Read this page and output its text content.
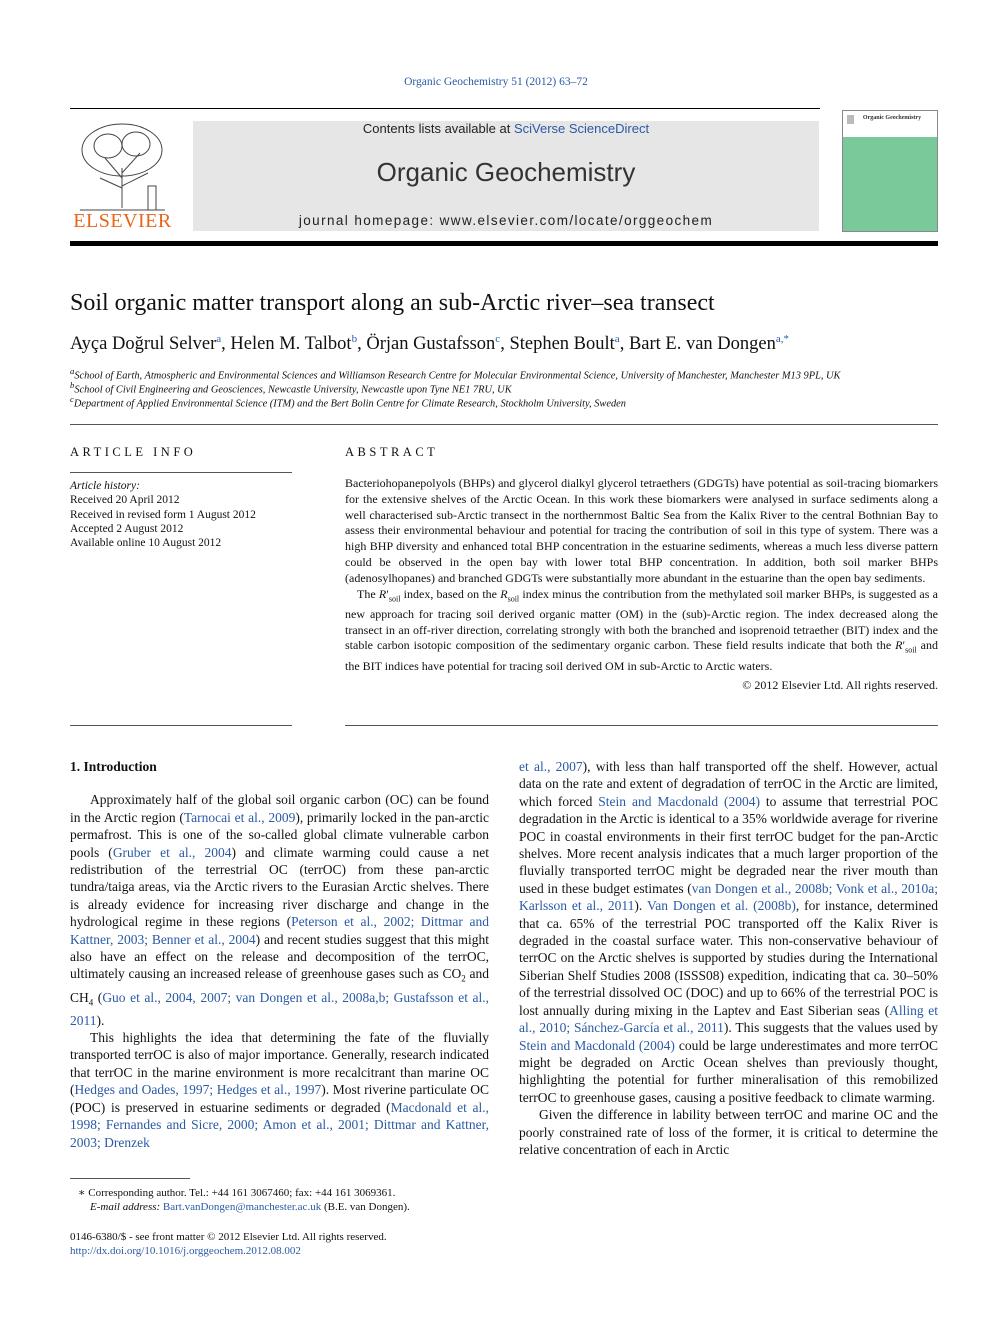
Organic Geochemistry 51 (2012) 63–72
ELSEVIER
Contents lists available at SciVerse ScienceDirect
Organic Geochemistry
journal homepage: www.elsevier.com/locate/orggeochem
Organic Geochemistry
Soil organic matter transport along an sub-Arctic river–sea transect
Ayça Doğrul Selver$^a$, Helen M. Talbot$^b$, Örjan Gustafsson$^c$, Stephen Boult$^a$, Bart E. van Dongen$^{a,*}$
$^a$School of Earth, Atmospheric and Environmental Sciences and Williamson Research Centre for Molecular Environmental Science, University of Manchester, Manchester M13 9PL, UK
$^b$School of Civil Engineering and Geosciences, Newcastle University, Newcastle upon Tyne NE1 7RU, UK
$^c$Department of Applied Environmental Science (ITM) and the Bert Bolin Centre for Climate Research, Stockholm University, Sweden
ARTICLE INFO
Article history:
Received 20 April 2012
Received in revised form 1 August 2012
Accepted 2 August 2012
Available online 10 August 2012
ABSTRACT

Bacteriohopanepolyols (BHPs) and glycerol dialkyl glycerol tetraethers (GDGTs) have potential as soil-tracing biomarkers for the extensive shelves of the Arctic Ocean. In this work these biomarkers were analysed in surface sediments along a well characterised sub-Arctic transect in the northernmost Baltic Sea from the Kalix River to the central Bothnian Bay to assess their environmental behaviour and potential for tracing the contribution of soil in this type of system. There was a high BHP diversity and enhanced total BHP concentration in the estuarine sediments, whereas a much less diverse pattern could be observed in the open bay with lower total BHP concentration. In addition, both soil marker BHPs (adenosylhopanes) and branched GDGTs were substantially more abundant in the estuarine than the open bay sediments.

The $R'_{soil}$ index, based on the $R_{soil}$ index minus the contribution from the methylated soil marker BHPs, is suggested as a new approach for tracing soil derived organic matter (OM) in the (sub)-Arctic region. The index decreased along the transect in an off-river direction, correlating strongly with both the branched and isoprenoid tetraether (BIT) index and the stable carbon isotopic composition of the sedimentary organic carbon. These field results indicate that both the $R'_{soil}$ and the BIT indices have potential for tracing soil derived OM in sub-Arctic to Arctic waters.

© 2012 Elsevier Ltd. All rights reserved.

1. Introduction

Approximately half of the global soil organic carbon (OC) can be found in the Arctic region (Tarnocai et al., 2009), primarily locked in the pan-arctic permafrost. This is one of the so-called global climate vulnerable carbon pools (Gruber et al., 2004) and climate warming could cause a net redistribution of the terrestrial OC (terrOC) from these pan-arctic tundra/taiga areas, via the Arctic rivers to the Eurasian Arctic shelves. There is already evidence for increasing river discharge and change in the hydrological regime in these regions (Peterson et al., 2002; Dittmar and Kattner, 2003; Benner et al., 2004) and recent studies suggest that this might also have an effect on the release and decomposition of the terrOC, ultimately causing an increased release of greenhouse gases such as $CO_2$ and $CH_4$ (Guo et al., 2004, 2007; van Dongen et al., 2008a,b; Gustafsson et al., 2011).

This highlights the idea that determining the fate of the fluvially transported terrOC is also of major importance. Generally, research indicated that terrOC in the marine environment is more recalcitrant than marine OC (Hedges and Oades, 1997; Hedges et al., 1997). Most riverine particulate OC (POC) is preserved in estuarine sediments or degraded (Macdonald et al., 1998; Fernandes and Sicre, 2000; Amon et al., 2001; Dittmar and Kattner, 2003; Drenzek

et al., 2007), with less than half transported off the shelf. However, actual data on the rate and extent of degradation of terrOC in the Arctic are limited, which forced Stein and Macdonald (2004) to assume that terrestrial POC degradation in the Arctic is identical to a 35% worldwide average for riverine POC in coastal environments in their first terrOC budget for the pan-Arctic shelves. More recent analysis indicates that a much larger proportion of the fluvially transported terrOC might be degraded near the river mouth than used in these budget estimates (van Dongen et al., 2008b; Vonk et al., 2010a; Karlsson et al., 2011). Van Dongen et al. (2008b), for instance, determined that ca. 65% of the terrestrial POC transported off the Kalix River is degraded in the coastal surface water. This non-conservative behaviour of terrOC on the Arctic shelves is supported by studies during the International Siberian Shelf Studies 2008 (ISSS08) expedition, indicating that ca. 30–50% of the terrestrial dissolved OC (DOC) and up to 66% of the terrestrial POC is lost annually during mixing in the Laptev and East Siberian seas (Alling et al., 2010; Sánchez-García et al., 2011). This suggests that the values used by Stein and Macdonald (2004) could be large underestimates and more terrOC might be degraded on Arctic Ocean shelves than previously thought, highlighting the potential for further mineralisation of this remobilized terrOC to greenhouse gases, causing a positive feedback to climate warming.

Given the difference in lability between terrOC and marine OC and the poorly constrained rate of loss of the former, it is critical to determine the relative concentration of each in Arctic

∗ Corresponding author. Tel.: +44 161 3067460; fax: +44 161 3069361.
E-mail address: Bart.vanDongen@manchester.ac.uk (B.E. van Dongen).
0146-6380/$ - see front matter © 2012 Elsevier Ltd. All rights reserved.
http://dx.doi.org/10.1016/j.orggeochem.2012.08.002
